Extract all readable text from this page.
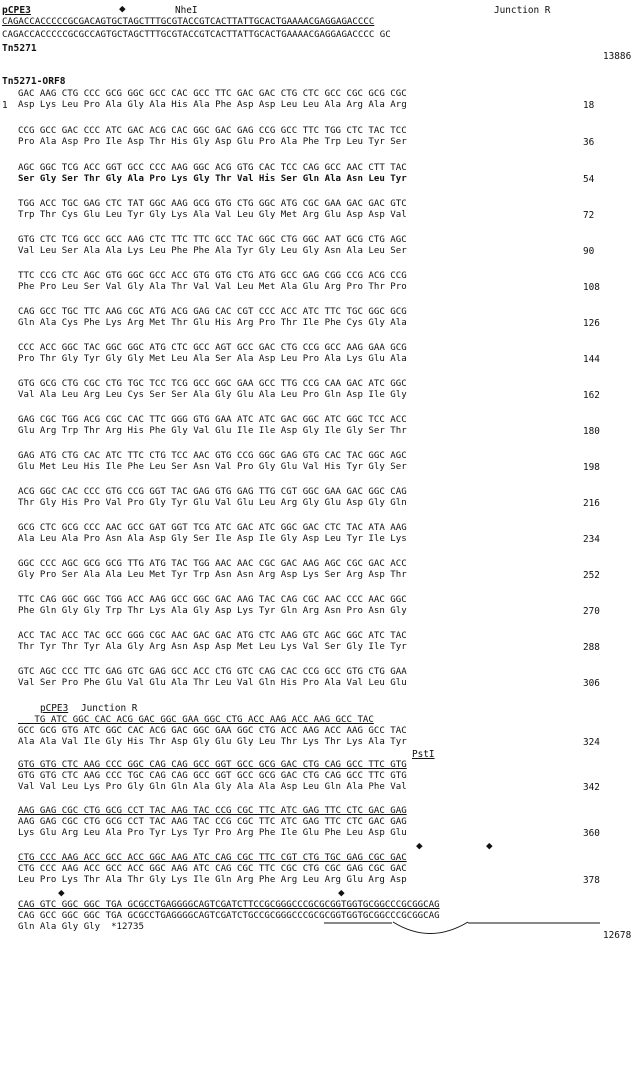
pCPE3	◆	NheI	Junction R
CAGACCACCCCCGCGACAGTGCTAGCTTTGCGTACCGTCACTTATTGCACTGAAAACGAGGAGACCCC
CAGACCACCCCCGCGCCAGTGCTAGCTTTGCGTACCGTCACTTATTGCACTGAAAACGAGGAGACCCC GC
Tn5271
13886
Tn5271-ORF8
GAC AAG CTG CCC GCG GGC GCC CAC GCC TTC GAC GAC CTG CTC GCC CGC GCG CGC
1 Asp Lys Leu Pro Ala Gly Ala His Ala Phe Asp Asp Leu Leu Ala Arg Ala Arg	18
CCG GCC GAC CCC ATC GAC ACG CAC GGC GAC GAG CCG GCC TTC TGG CTC TAC TCC
Pro Ala Asp Pro Ile Asp Thr His Gly Asp Glu Pro Ala Phe Trp Leu Tyr Ser	36
AGC GGC TCG ACC GGT GCC CCC AAG GGC ACG GTG CAC TCC CAG GCC AAC CTT TAC
Ser Gly Ser Thr Gly Ala Pro Lys Gly Thr Val His Ser Gln Ala Asn Leu Tyr	54
TGG ACC TGC GAG CTC TAT GGC AAG GCG GTG CTG GGC ATG CGC GAA GAC GAC GTC
Trp Thr Cys Glu Leu Tyr Gly Lys Ala Val Leu Gly Met Arg Glu Asp Asp Val	72
GTG CTC TCG GCC GCC AAG CTC TTC TTC GCC TAC GGC CTG GGC AAT GCG CTG AGC
Val Leu Ser Ala Ala Lys Leu Phe Phe Ala Tyr Gly Leu Gly Asn Ala Leu Ser	90
TTC CCG CTC AGC GTG GGC GCC ACC GTG GTG CTG ATG GCC GAG CGG CCG ACG CCG
Phe Pro Leu Ser Val Gly Ala Thr Val Val Leu Met Ala Glu Arg Pro Thr Pro	108
CAG GCC TGC TTC AAG CGC ATG ACG GAG CAC CGT CCC ACC ATC TTC TGC GGC GCG
Gln Ala Cys Phe Lys Arg Met Thr Glu His Arg Pro Thr Ile Phe Cys Gly Ala	126
CCC ACC GGC TAC GGC GGC ATG CTC GCC AGT GCC GAC CTG CCG GCC AAG GAA GCG
Pro Thr Gly Tyr Gly Gly Met Leu Ala Ser Ala Asp Leu Pro Ala Lys Glu Ala	144
GTG GCG CTG CGC CTG TGC TCC TCG GCC GGC GAA GCC TTG CCG CAA GAC ATC GGC
Val Ala Leu Arg Leu Cys Ser Ser Ala Gly Glu Ala Leu Pro Gln Asp Ile Gly	162
GAG CGC TGG ACG CGC CAC TTC GGG GTG GAA ATC ATC GAC GGC ATC GGC TCC ACC
Glu Arg Trp Thr Arg His Phe Gly Val Glu Ile Ile Asp Gly Ile Gly Ser Thr	180
GAG ATG CTG CAC ATC TTC CTG TCC AAC GTG CCG GGC GAG GTG CAC TAC GGC AGC
Glu Met Leu His Ile Phe Leu Ser Asn Val Pro Gly Glu Val His Tyr Gly Ser	198
ACG GGC CAC CCC GTG CCG GGT TAC GAG GTG GAG TTG CGT GGC GAA GAC GGC CAG
Thr Gly His Pro Val Pro Gly Tyr Glu Val Glu Leu Arg Gly Glu Asp Gly Gln	216
GCG CTC GCG CCC AAC GCC GAT GGT TCG ATC GAC ATC GGC GAC CTC TAC ATA AAG
Ala Leu Ala Pro Asn Ala Asp Gly Ser Ile Asp Ile Gly Asp Leu Tyr Ile Lys	234
GGC CCC AGC GCG GCG TTG ATG TAC TGG AAC AAC CGC GAC AAG AGC CGC GAC ACC
Gly Pro Ser Ala Ala Leu Met Tyr Trp Asn Asn Arg Asp Lys Ser Arg Asp Thr	252
TTC CAG GGC GGC TGG ACC AAG GCC GGC GAC AAG TAC CAG CGC AAC CCC AAC GGC
Phe Gln Gly Gly Trp Thr Lys Ala Gly Asp Lys Tyr Gln Arg Asn Pro Asn Gly	270
ACC TAC ACC TAC GCC GGG CGC AAC GAC GAC ATG CTC AAG GTC AGC GGC ATC TAC
Thr Tyr Thr Tyr Ala Gly Arg Asn Asp Asp Met Leu Lys Val Ser Gly Ile Tyr	288
GTC AGC CCC TTC GAG GTC GAG GCC ACC CTG GTC CAG CAC CCG GCC GTG CTG GAA
Val Ser Pro Phe Glu Val Glu Ala Thr Leu Val Gln His Pro Ala Val Leu Glu	306
pCPE3 Junction R
TG ATC GGC CAC ACG GAC GGC GAA GGC CTG ACC AAG ACC AAG GCC TAC
GCC GCG GTG ATC GGC CAC ACG GAC GGC GAA GGC CTG ACC AAG ACC AAG GCC TAC
Ala Ala Val Ile Gly His Thr Asp Gly Glu Gly Leu Thr Lys Thr Lys Ala Tyr	324
PstI
GTG GTG CTC AAG CCC GGC CAG CAG GCC GGT GCC GCG GAC CTG CAG GCC TTC GTG
GTG GTG CTC AAG CCC TGC CAG CAG GCC GGT GCC GCG GAC CTG CAG GCC TTC GTG
Val Val Leu Lys Pro Gly Gln Gln Ala Gly Ala Ala Asp Leu Gln Ala Phe Val	342
AAG GAG CGC CTG GCG CCT TAC AAG TAC CCG CGC TTC ATC GAG TTC CTC GAC GAG
AAG GAG CGC CTG GCG CCT TAC AAG TAC CCG CGC TTC ATC GAG TTC CTC GAC GAG
Lys Glu Arg Leu Ala Pro Tyr Lys Tyr Pro Arg Phe Ile Glu Phe Leu Asp Glu	360
◆	◆
CTG CCC AAG ACC GCC ACC GGC AAG ATC CAG CGC TTC CGT CTG TGC GAG CGC GAC
CTG CCC AAG ACC GCC ACC GGC AAG ATC CAG CGC TTC CGC CTG CGC GAG CGC GAC
Leu Pro Lys Thr Ala Thr Gly Lys Ile Gln Arg Phe Arg Leu Arg Glu Arg Asp	378
◆	◆
CAG GTC GGC GGC TGA GCGCCTGAGGGGCAGTCGATCTTCCGCGGGCCCGCGCGGTGGTGCGGCCCGCGGCAG
CAG GCC GGC GGC TGA GCGCCTGAGGGGCAGTCGATCTGCCGCGGGCCCGCGCGGTGGTGCGGCCCGCGGCAG
Gln Ala Gly Gly  *12735
12678
